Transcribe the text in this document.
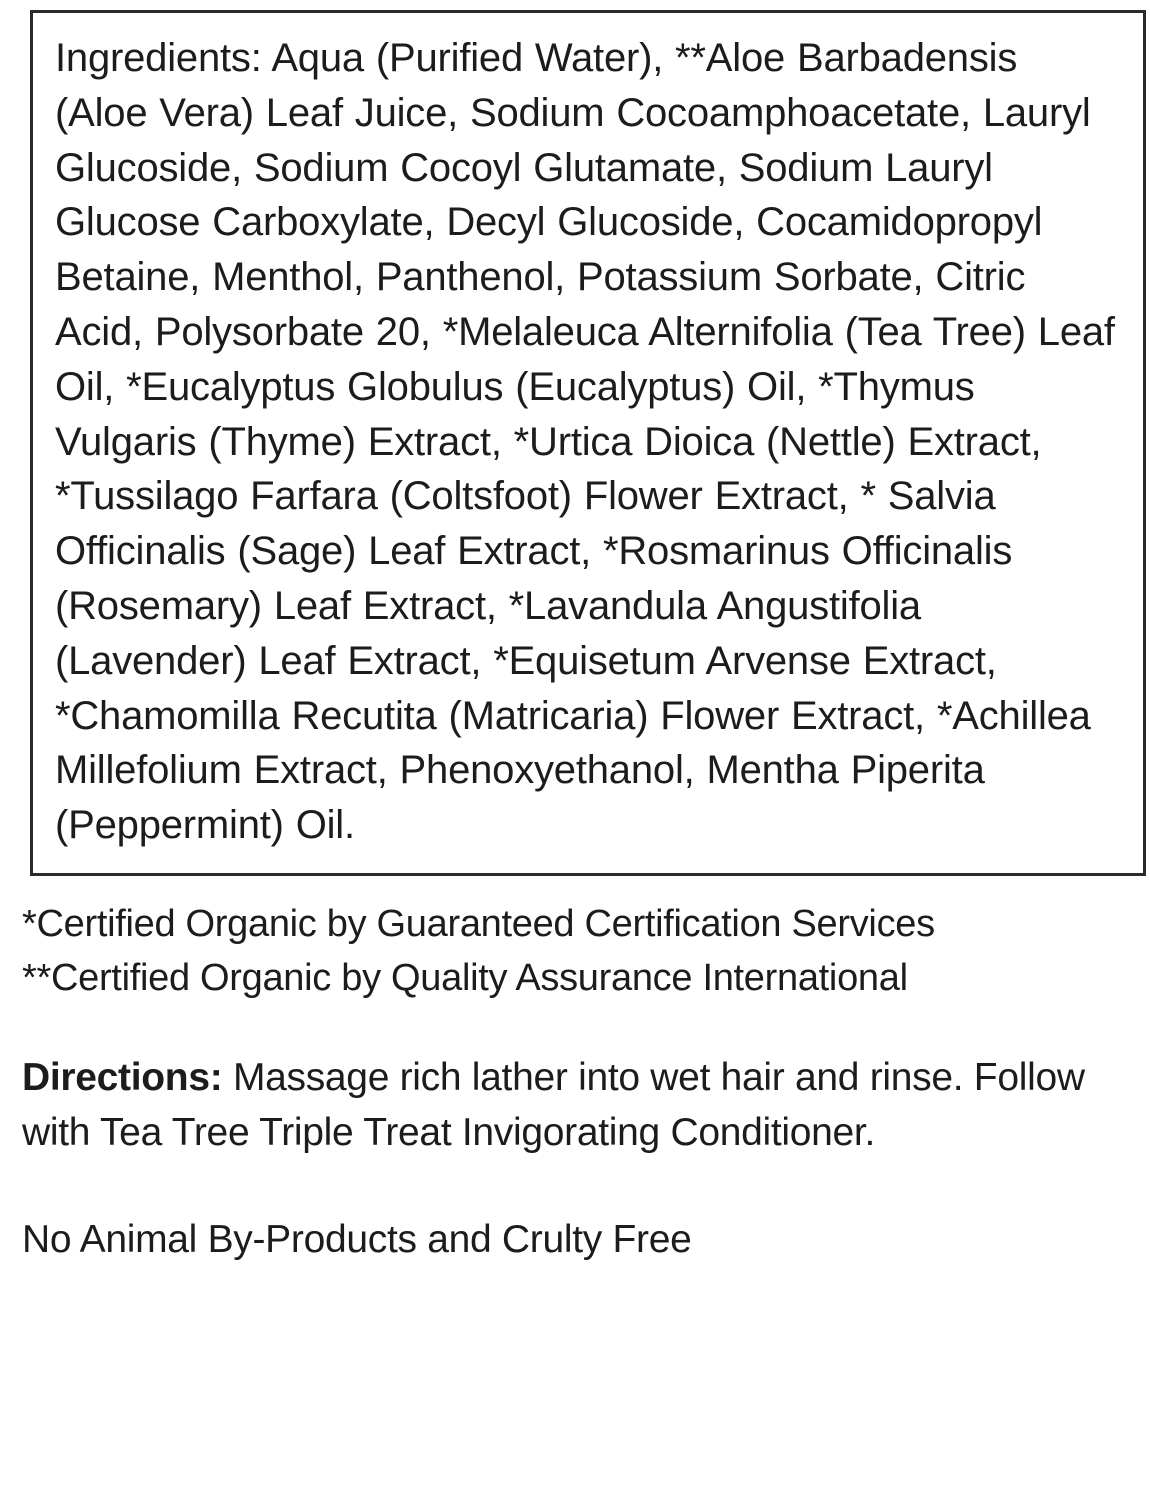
Ingredients: Aqua (Purified Water), **Aloe Barbadensis (Aloe Vera) Leaf Juice, Sodium Cocoamphoacetate, Lauryl Glucoside, Sodium Cocoyl Glutamate, Sodium Lauryl Glucose Carboxylate, Decyl Glucoside, Cocamidopropyl Betaine, Menthol, Panthenol, Potassium Sorbate, Citric Acid, Polysorbate 20, *Melaleuca Alternifolia (Tea Tree) Leaf Oil, *Eucalyptus Globulus (Eucalyptus) Oil, *Thymus Vulgaris (Thyme) Extract, *Urtica Dioica (Nettle) Extract, *Tussilago Farfara (Coltsfoot) Flower Extract, * Salvia Officinalis (Sage) Leaf Extract, *Rosmarinus Officinalis (Rosemary) Leaf Extract, *Lavandula Angustifolia (Lavender) Leaf Extract, *Equisetum Arvense Extract, *Chamomilla Recutita (Matricaria) Flower Extract, *Achillea Millefolium Extract, Phenoxyethanol, Mentha Piperita (Peppermint) Oil.
*Certified Organic by Guaranteed Certification Services
**Certified Organic by Quality Assurance International
Directions: Massage rich lather into wet hair and rinse. Follow with Tea Tree Triple Treat Invigorating Conditioner.
No Animal By-Products and Crulty Free
